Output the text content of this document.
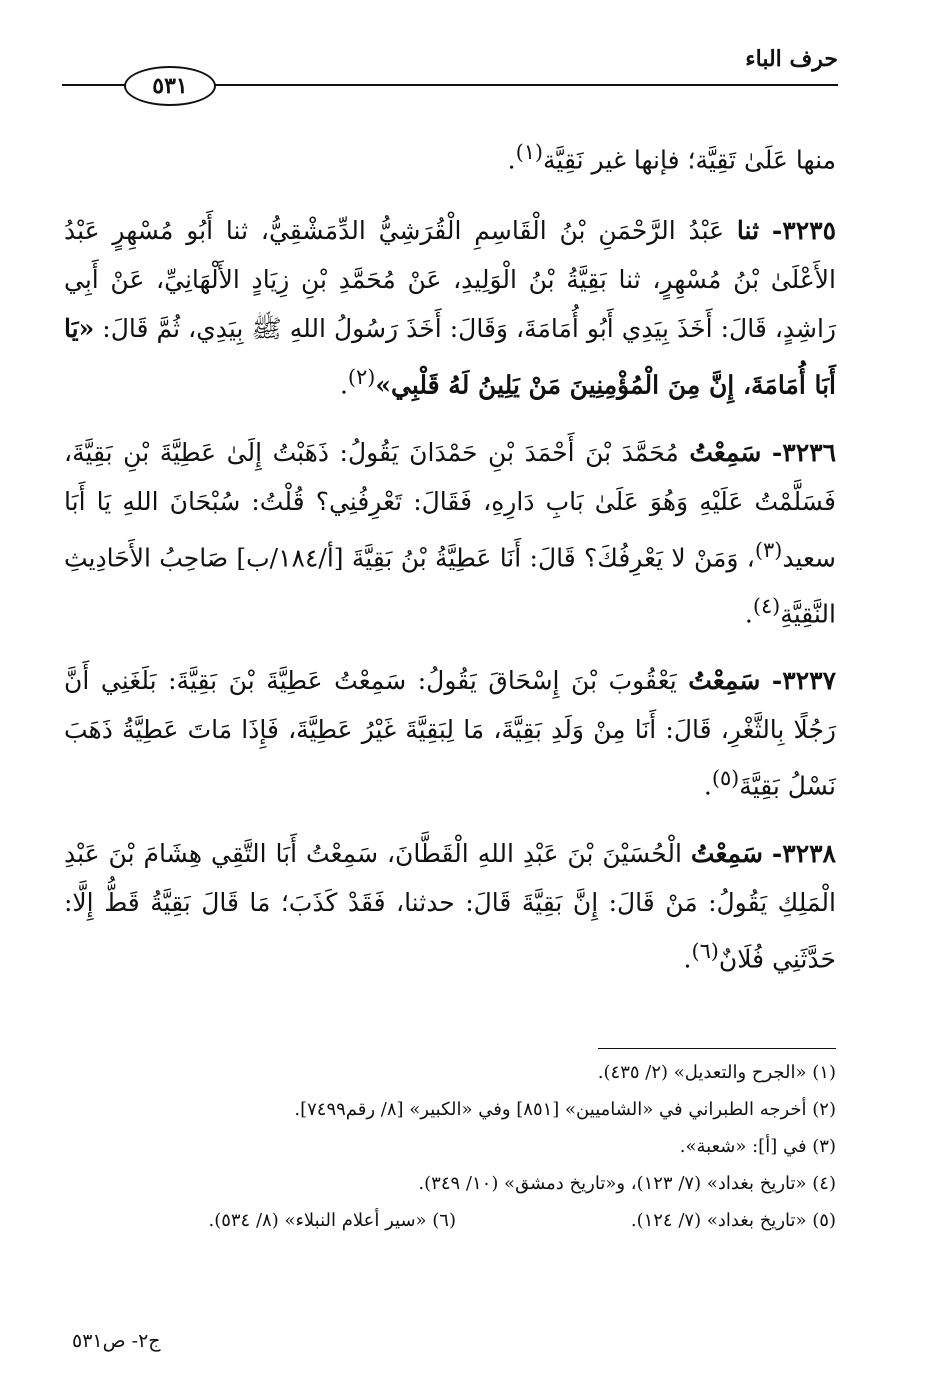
حرف الباء
٥٣١

منها عَلَىٰ تَقِيَّة؛ فإنها غير نَقِيَّة$^{(١)}$.

٣٢٣٥- ثنا عَبْدُ الرَّحْمَنِ بْنُ الْقَاسِمِ الْقُرَشِيُّ الدِّمَشْقِيُّ، ثنا أَبُو مُسْهِرٍ عَبْدُ الأَعْلَىٰ بْنُ مُسْهِرٍ، ثنا بَقِيَّةُ بْنُ الْوَلِيدِ، عَنْ مُحَمَّدِ بْنِ زِيَادٍ الأَلْهَانِيِّ، عَنْ أَبِي رَاشِدٍ، قَالَ: أَخَذَ بِيَدِي أَبُو أُمَامَةَ، وَقَالَ: أَخَذَ رَسُولُ اللهِ ﷺ بِيَدِي، ثُمَّ قَالَ: «يَا أَبَا أُمَامَةَ، إِنَّ مِنَ الْمُؤْمِنِينَ مَنْ يَلِينُ لَهُ قَلْبِي»$^{(٢)}$.

٣٢٣٦- سَمِعْتُ مُحَمَّدَ بْنَ أَحْمَدَ بْنِ حَمْدَانَ يَقُولُ: ذَهَبْتُ إِلَىٰ عَطِيَّةَ بْنِ بَقِيَّةَ، فَسَلَّمْتُ عَلَيْهِ وَهُوَ عَلَىٰ بَابِ دَارِهِ، فَقَالَ: تَعْرِفُنِي؟ قُلْتُ: سُبْحَانَ اللهِ يَا أَبَا سعيد$^{(٣)}$، وَمَنْ لا يَعْرِفُكَ؟ قَالَ: أَنَا عَطِيَّةُ بْنُ بَقِيَّةَ [أ/١٨٤/ب] صَاحِبُ الأَحَادِيثِ النَّقِيَّةِ$^{(٤)}$.

٣٢٣٧- سَمِعْتُ يَعْقُوبَ بْنَ إِسْحَاقَ يَقُولُ: سَمِعْتُ عَطِيَّةَ بْنَ بَقِيَّةَ: بَلَغَنِي أَنَّ رَجُلًا بِالثَّغْرِ، قَالَ: أَنَا مِنْ وَلَدِ بَقِيَّةَ، مَا لِبَقِيَّةَ غَيْرُ عَطِيَّةَ، فَإِذَا مَاتَ عَطِيَّةُ ذَهَبَ نَسْلُ بَقِيَّةَ$^{(٥)}$.

٣٢٣٨- سَمِعْتُ الْحُسَيْنَ بْنَ عَبْدِ اللهِ الْقَطَّانَ، سَمِعْتُ أَبَا التَّقِي هِشَامَ بْنَ عَبْدِ الْمَلِكِ يَقُولُ: مَنْ قَالَ: إِنَّ بَقِيَّةَ قَالَ: حدثنا، فَقَدْ كَذَبَ؛ مَا قَالَ بَقِيَّةُ قَطُّ إِلَّا: حَدَّثَنِي فُلَانٌ$^{(٦)}$.

(١) «الجرح والتعديل» (٢/ ٤٣٥).
(٢) أخرجه الطبراني في «الشاميين» [٨٥١] وفي «الكبير» [٨/ رقم٧٤٩٩].
(٣) في [أ]: «شعبة».
(٤) «تاريخ بغداد» (٧/ ١٢٣)، و«تاريخ دمشق» (١٠/ ٣٤٩).
(٥) «تاريخ بغداد» (٧/ ١٢٤).(٦) «سير أعلام النبلاء» (٨/ ٥٣٤).
ج٢- ص٥٣١
